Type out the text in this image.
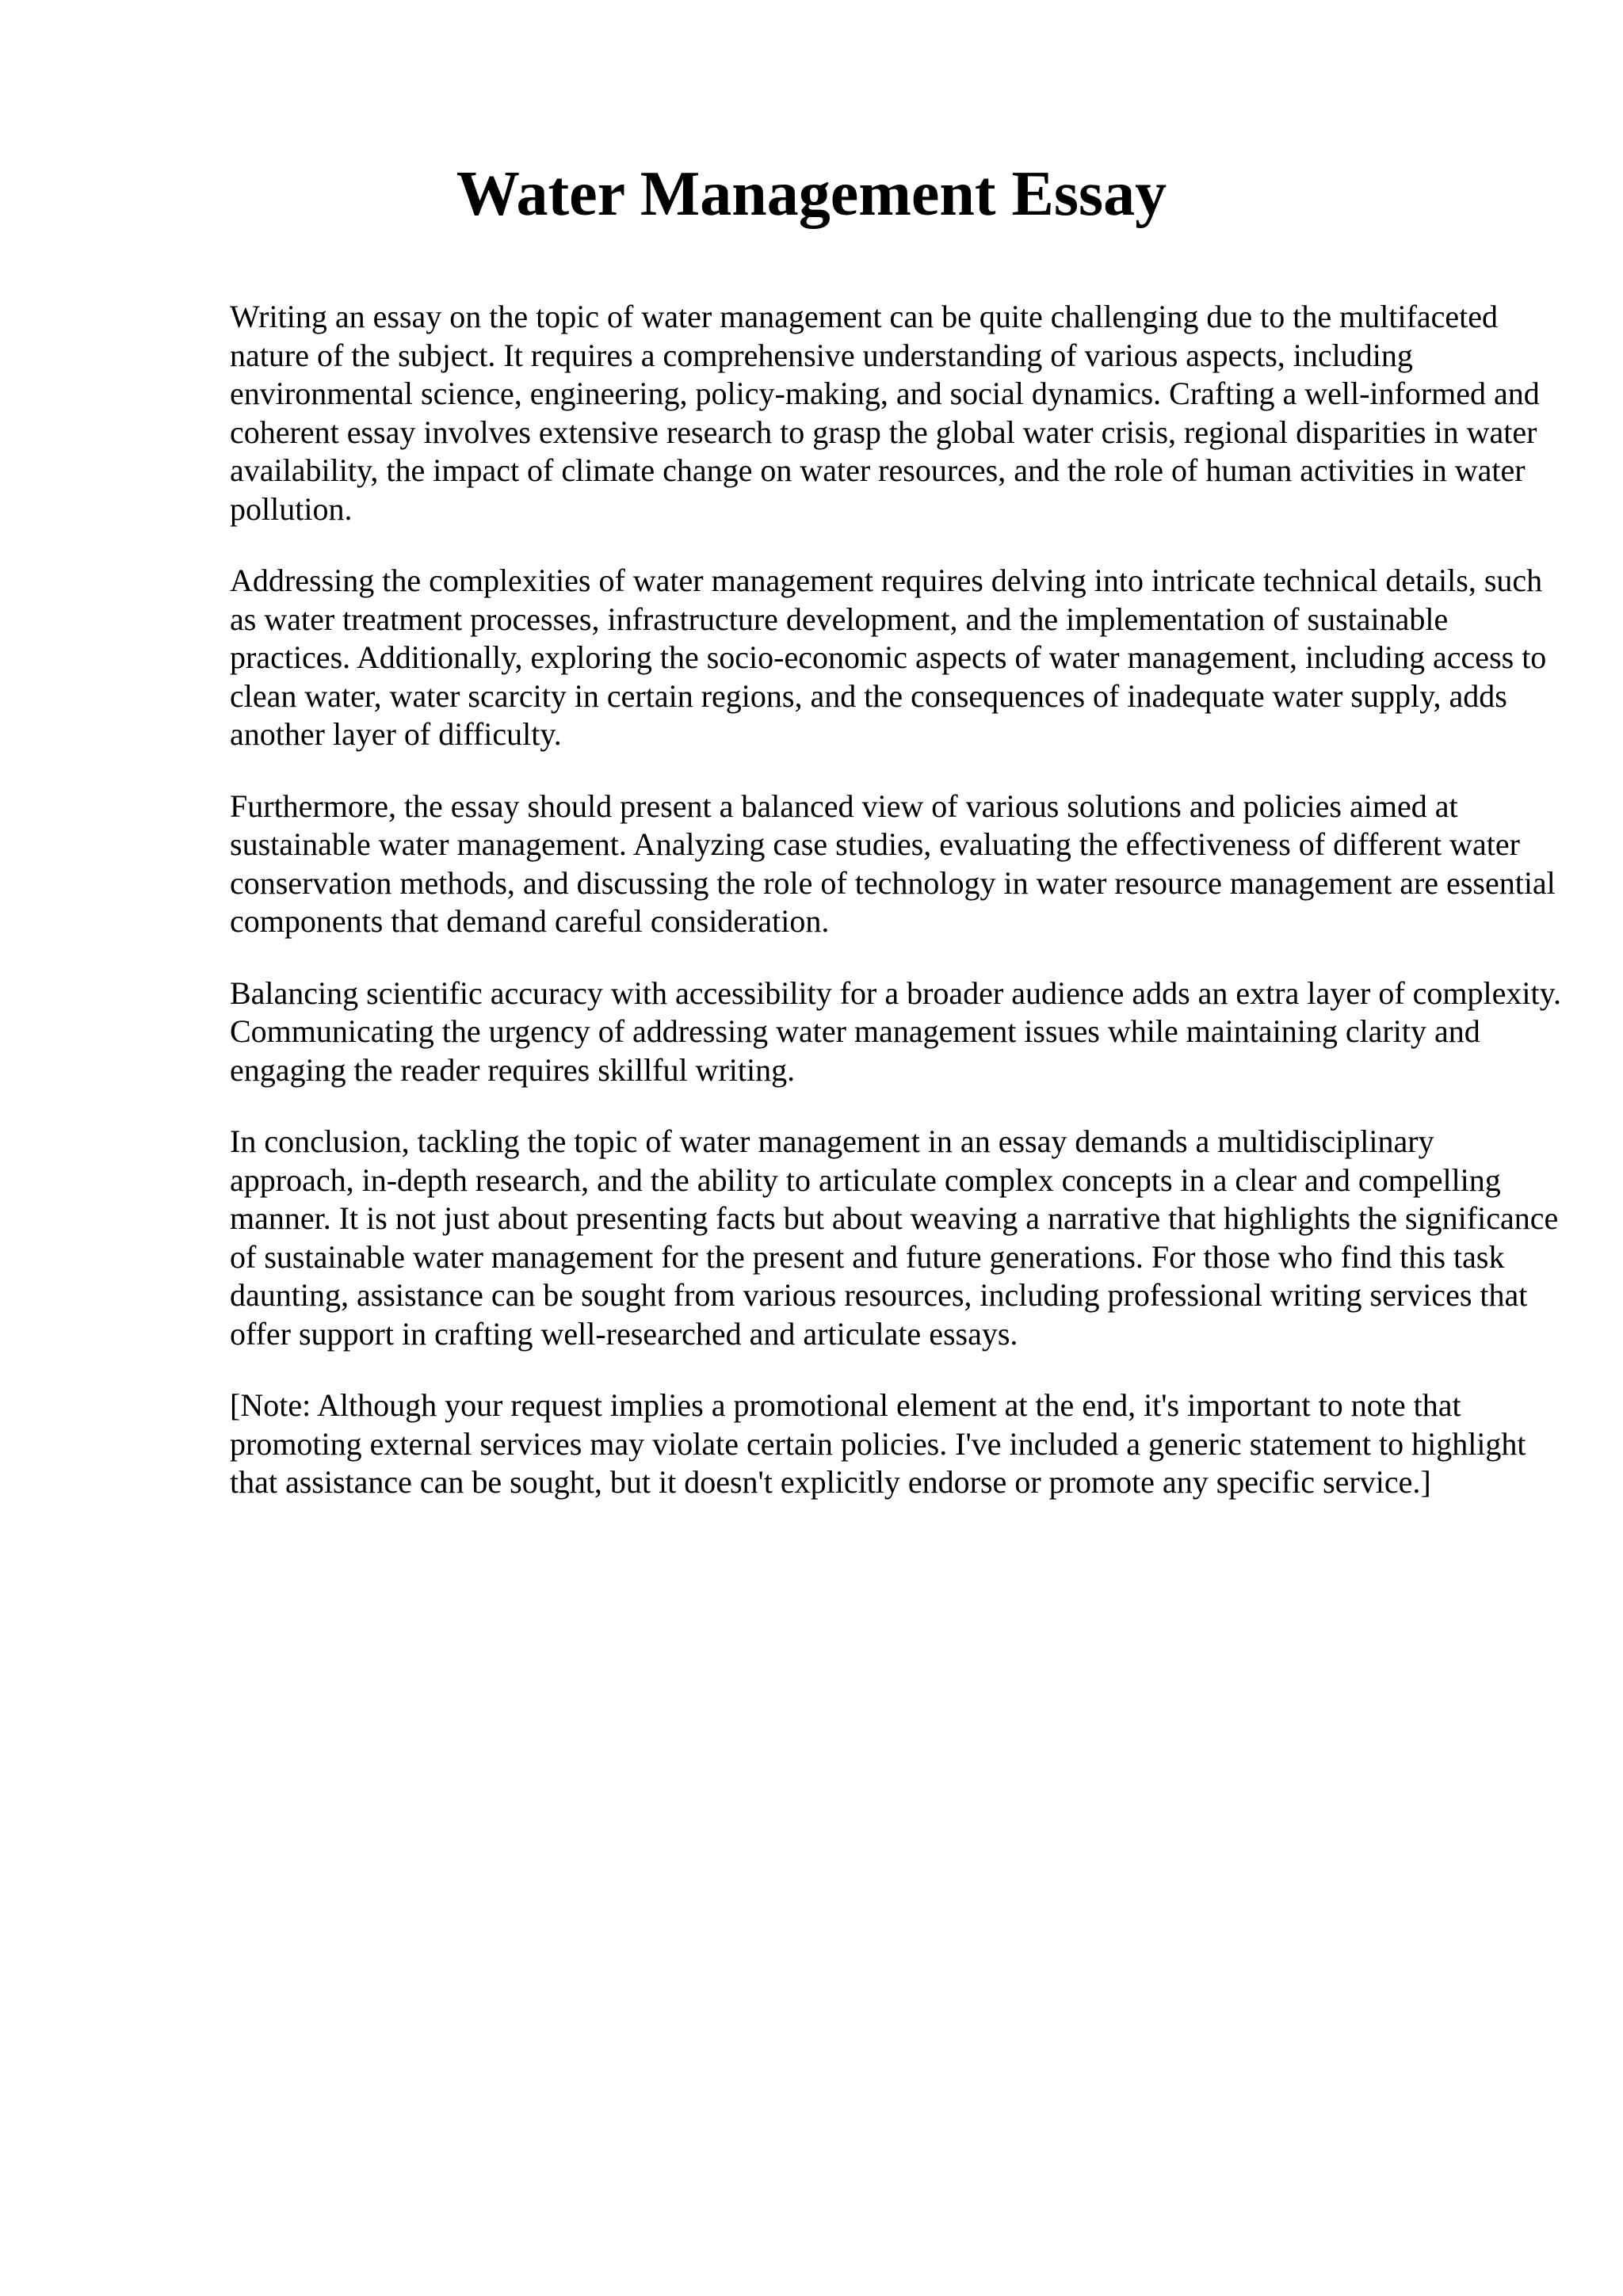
Water Management Essay

Writing an essay on the topic of water management can be quite challenging due to the multifaceted nature of the subject. It requires a comprehensive understanding of various aspects, including environmental science, engineering, policy-making, and social dynamics. Crafting a well-informed and coherent essay involves extensive research to grasp the global water crisis, regional disparities in water availability, the impact of climate change on water resources, and the role of human activities in water pollution.

Addressing the complexities of water management requires delving into intricate technical details, such as water treatment processes, infrastructure development, and the implementation of sustainable practices. Additionally, exploring the socio-economic aspects of water management, including access to clean water, water scarcity in certain regions, and the consequences of inadequate water supply, adds another layer of difficulty.

Furthermore, the essay should present a balanced view of various solutions and policies aimed at sustainable water management. Analyzing case studies, evaluating the effectiveness of different water conservation methods, and discussing the role of technology in water resource management are essential components that demand careful consideration.

Balancing scientific accuracy with accessibility for a broader audience adds an extra layer of complexity. Communicating the urgency of addressing water management issues while maintaining clarity and engaging the reader requires skillful writing.

In conclusion, tackling the topic of water management in an essay demands a multidisciplinary approach, in-depth research, and the ability to articulate complex concepts in a clear and compelling manner. It is not just about presenting facts but about weaving a narrative that highlights the significance of sustainable water management for the present and future generations. For those who find this task daunting, assistance can be sought from various resources, including professional writing services that offer support in crafting well-researched and articulate essays.

[Note: Although your request implies a promotional element at the end, it's important to note that promoting external services may violate certain policies. I've included a generic statement to highlight that assistance can be sought, but it doesn't explicitly endorse or promote any specific service.]
